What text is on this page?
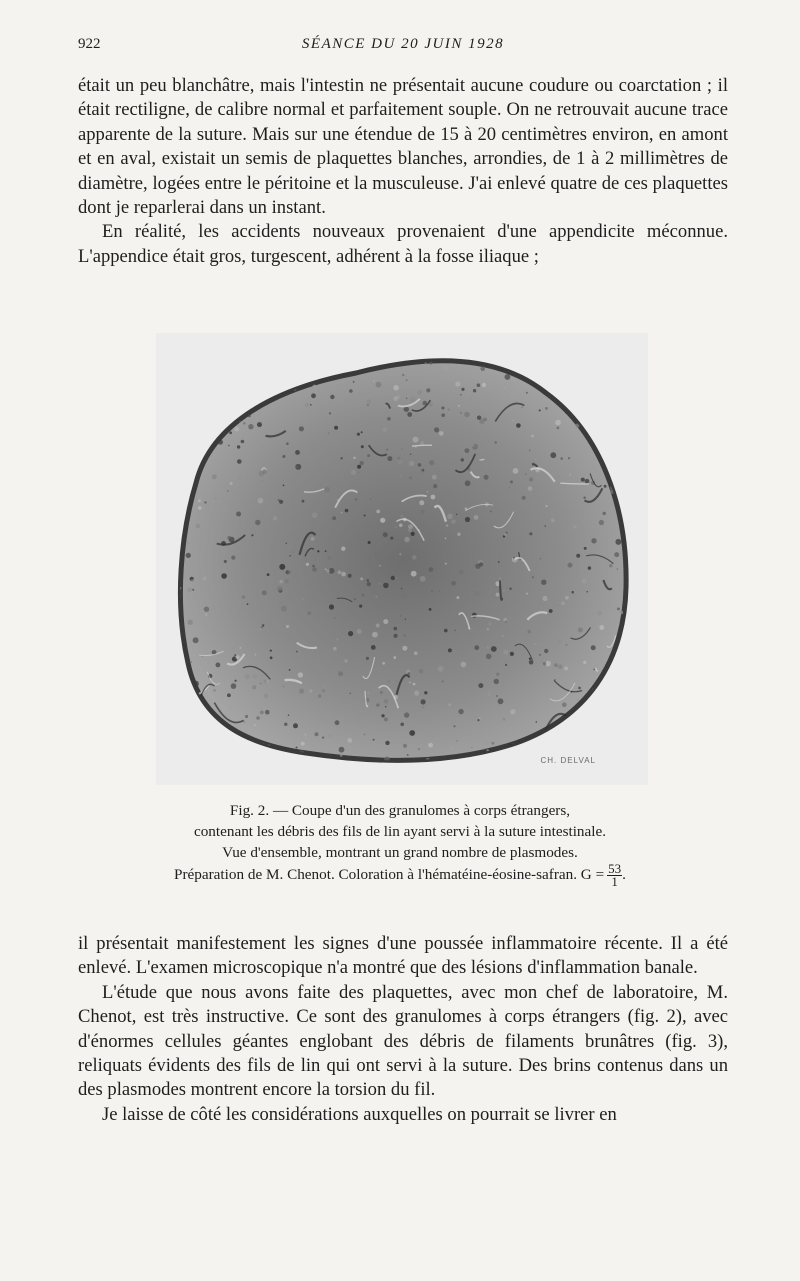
922	SÉANCE DU 20 JUIN 1928

était un peu blanchâtre, mais l'intestin ne présentait aucune coudure ou coarctation ; il était rectiligne, de calibre normal et parfaitement souple. On ne retrouvait aucune trace apparente de la suture. Mais sur une étendue de 15 à 20 centimètres environ, en amont et en aval, existait un semis de plaquettes blanches, arrondies, de 1 à 2 millimètres de diamètre, logées entre le péritoine et la musculeuse. J'ai enlevé quatre de ces plaquettes dont je reparlerai dans un instant.

En réalité, les accidents nouveaux provenaient d'une appendicite méconnue. L'appendice était gros, turgescent, adhérent à la fosse iliaque ;

CH. DELVAL
Fig. 2. — Coupe d'un des granulomes à corps étrangers,
contenant les débris des fils de lin ayant servi à la suture intestinale.
Vue d'ensemble, montrant un grand nombre de plasmodes.
Préparation de M. Chenot. Coloration à l'hématéine-éosine-safran. $G = \frac{53}{1}$ .

il présentait manifestement les signes d'une poussée inflammatoire récente. Il a été enlevé. L'examen microscopique n'a montré que des lésions d'inflammation banale.

L'étude que nous avons faite des plaquettes, avec mon chef de laboratoire, M. Chenot, est très instructive. Ce sont des granulomes à corps étrangers (fig. 2), avec d'énormes cellules géantes englobant des débris de filaments brunâtres (fig. 3), reliquats évidents des fils de lin qui ont servi à la suture. Des brins contenus dans un des plasmodes montrent encore la torsion du fil.

Je laisse de côté les considérations auxquelles on pourrait se livrer en
